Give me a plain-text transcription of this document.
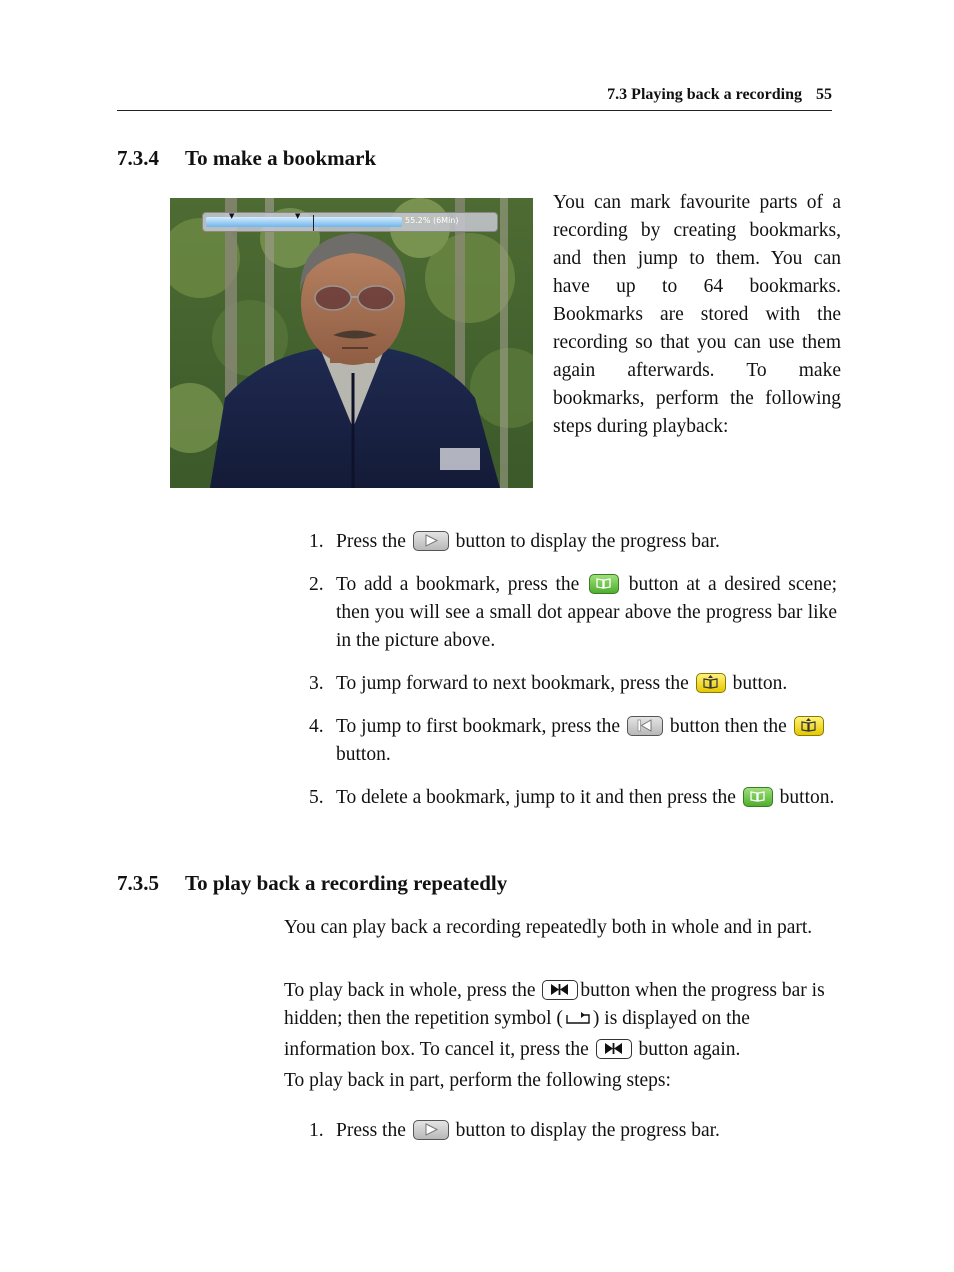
7.3 Playing back a recording 55
7.3.4 To make a bookmark
55.2% (6Min)
▼	▼

You can mark favourite parts of a recording by creating bookmarks, and then jump to them. You can have up to 64 bookmarks. Bookmarks are stored with the recording so that you can use them again afterwards. To make bookmarks, perform the following steps during playback:

1. Press the	button to display the progress bar.
2. To add a bookmark, press the	button at a desired scene; then you will see a small dot appear above the progress bar like in the picture above.
3. To jump forward to next bookmark, press the button.
4. To jump to first bookmark, press the	button then the
button.
5. To delete a bookmark, jump to it and then press the button.
7.3.5 To play back a recording repeatedly

You can play back a recording repeatedly both in whole and in part.

To play back in whole, press the button when the progress bar is hidden; then the repetition symbol ( ) is displayed on the information box. To cancel it, press the	button again.

To play back in part, perform the following steps:

1. Press the	button to display the progress bar.
